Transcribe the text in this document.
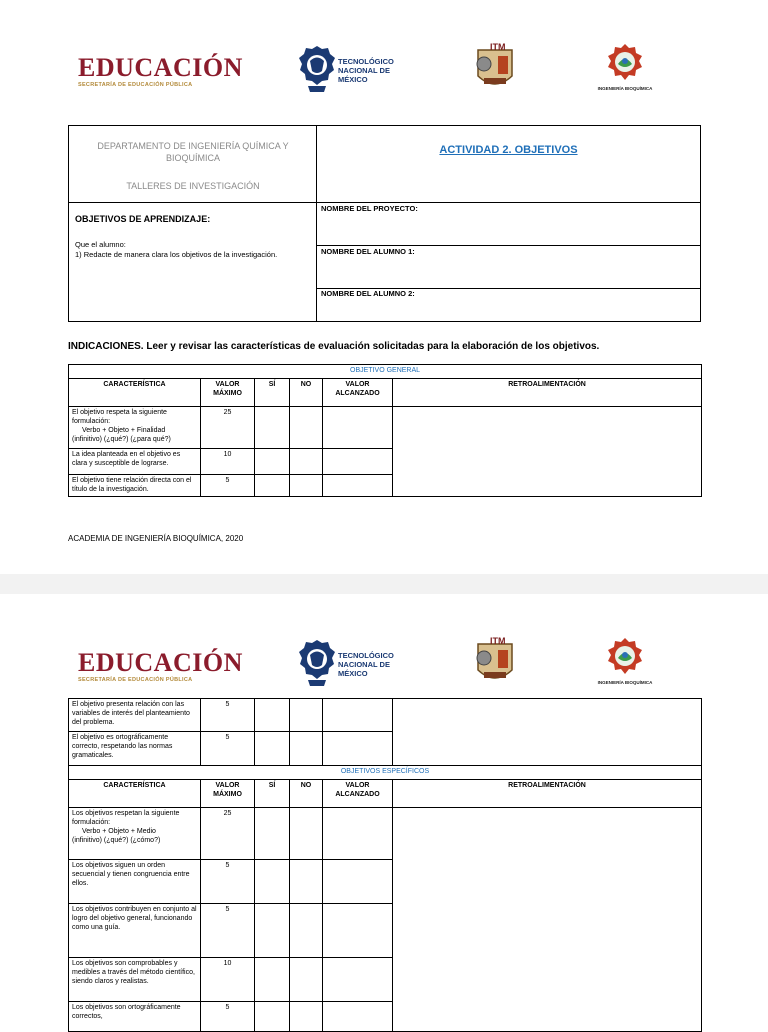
EDUCACIÓN
SECRETARÍA DE EDUCACIÓN PÚBLICA
TECNOLÓGICO
NACIONAL DE MÉXICO
ITM
INGENIERÍA BIOQUÍMICA
DEPARTAMENTO DE INGENIERÍA QUÍMICA Y BIOQUÍMICA
TALLERES DE INVESTIGACIÓN
ACTIVIDAD 2. OBJETIVOS
OBJETIVOS DE APRENDIZAJE:
Que el alumno:
1) Redacte de manera clara los objetivos de la investigación.
NOMBRE DEL PROYECTO:
NOMBRE DEL ALUMNO 1:
NOMBRE DEL ALUMNO 2:
INDICACIONES. Leer y revisar las características de evaluación solicitadas para la elaboración de los objetivos.
OBJETIVO GENERAL					
CARACTERÍSTICA	VALOR MÁXIMO	SÍ	NO	VALOR ALCANZADO	RETROALIMENTACIÓN

El objetivo respeta la siguiente formulación:
Verbo + Objeto + Finalidad
(infinitivo) (¿qué?) (¿para qué?)	25				
La idea planteada en el objetivo es clara y susceptible de lograrse.	10				
El objetivo tiene relación directa con el título de la investigación.	5				
ACADEMIA DE INGENIERÍA BIOQUÍMICA, 2020
EDUCACIÓN
SECRETARÍA DE EDUCACIÓN PÚBLICA
TECNOLÓGICO
NACIONAL DE MÉXICO
ITM
INGENIERÍA BIOQUÍMICA
El objetivo presenta relación con las variables de interés del planteamiento del problema.	5				
El objetivo es ortográficamente correcto, respetando las normas gramaticales.	5				
OBJETIVOS ESPECÍFICOS					
CARACTERÍSTICA	VALOR MÁXIMO	SÍ	NO	VALOR ALCANZADO	RETROALIMENTACIÓN

Los objetivos respetan la siguiente formulación:
Verbo + Objeto + Medio
(infinitivo) (¿qué?) (¿cómo?)	25				
Los objetivos siguen un orden secuencial y tienen congruencia entre ellos.	5				
Los objetivos contribuyen en conjunto al logro del objetivo general, funcionando como una guía.	5				
Los objetivos son comprobables y medibles a través del método científico, siendo claros y realistas.	10				
Los objetivos son ortográficamente correctos,	5				
